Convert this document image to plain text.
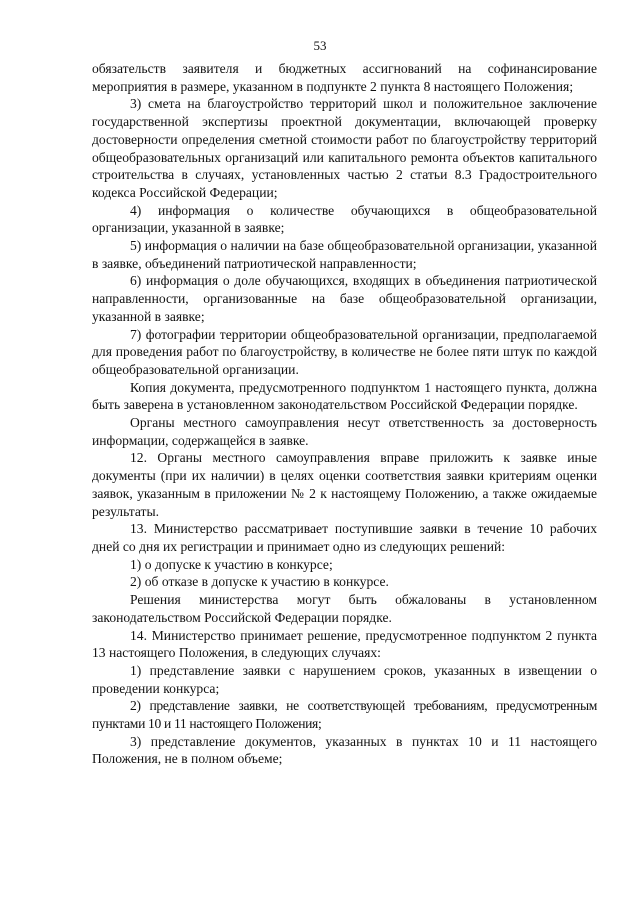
53

обязательств заявителя и бюджетных ассигнований на софинансирование мероприятия в размере, указанном в подпункте 2 пункта 8 настоящего Положения;

3) смета на благоустройство территорий школ и положительное заключение государственной экспертизы проектной документации, включающей проверку достоверности определения сметной стоимости работ по благоустройству территорий общеобразовательных организаций или капитального ремонта объектов капитального строительства в случаях, установленных частью 2 статьи 8.3 Градостроительного кодекса Российской Федерации;

4) информация о количестве обучающихся в общеобразовательной организации, указанной в заявке;

5) информация о наличии на базе общеобразовательной организации, указанной в заявке, объединений патриотической направленности;

6) информация о доле обучающихся, входящих в объединения патриотической направленности, организованные на базе общеобразовательной организации, указанной в заявке;

7) фотографии территории общеобразовательной организации, предполагаемой для проведения работ по благоустройству, в количестве не более пяти штук по каждой общеобразовательной организации.

Копия документа, предусмотренного подпунктом 1 настоящего пункта, должна быть заверена в установленном законодательством Российской Федерации порядке.

Органы местного самоуправления несут ответственность за достоверность информации, содержащейся в заявке.

12. Органы местного самоуправления вправе приложить к заявке иные документы (при их наличии) в целях оценки соответствия заявки критериям оценки заявок, указанным в приложении № 2 к настоящему Положению, а также ожидаемые результаты.

13. Министерство рассматривает поступившие заявки в течение 10 рабочих дней со дня их регистрации и принимает одно из следующих решений:

1) о допуске к участию в конкурсе;

2) об отказе в допуске к участию в конкурсе.

Решения министерства могут быть обжалованы в установленном законодательством Российской Федерации порядке.

14. Министерство принимает решение, предусмотренное подпунктом 2 пункта 13 настоящего Положения, в следующих случаях:

1) представление заявки с нарушением сроков, указанных в извещении о проведении конкурса;

2) представление заявки, не соответствующей требованиям, предусмотренным пунктами 10 и 11 настоящего Положения;

3) представление документов, указанных в пунктах 10 и 11 настоящего Положения, не в полном объеме;
